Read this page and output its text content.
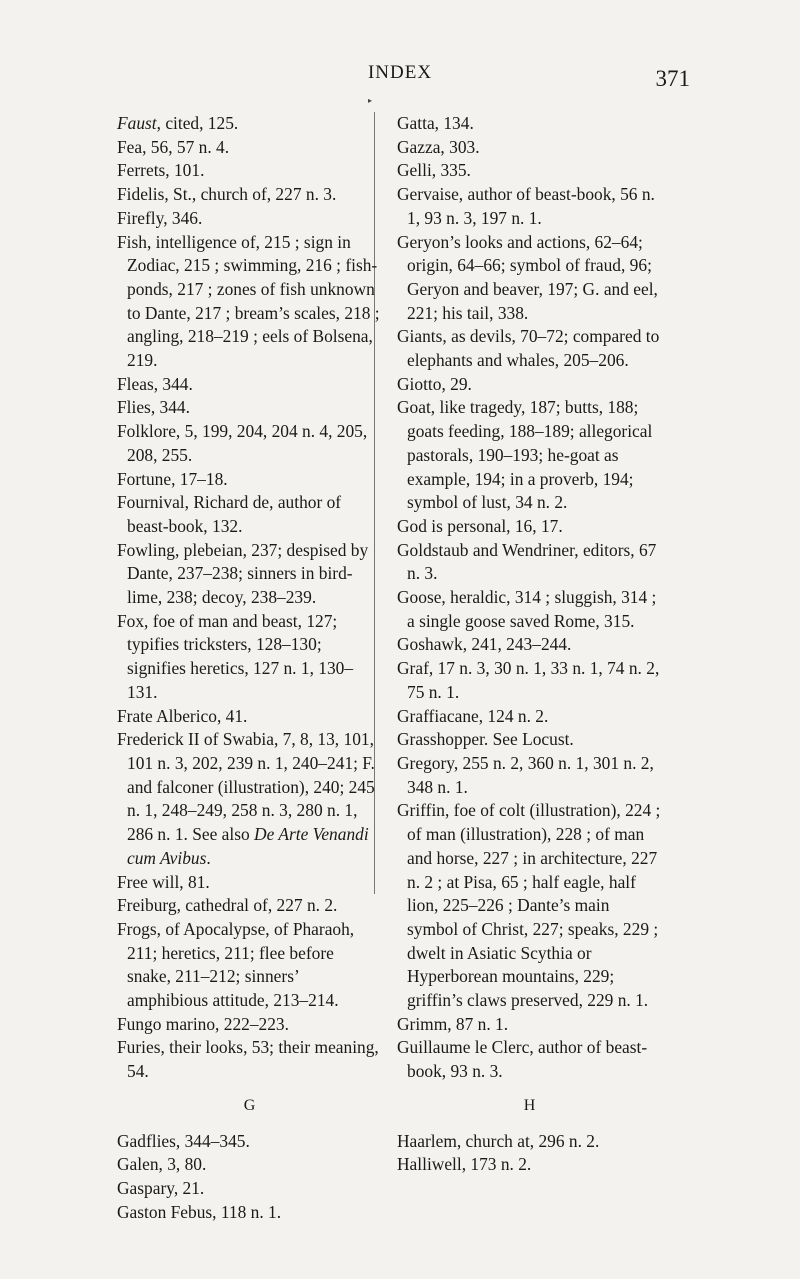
INDEX	371
▸

Faust, cited, 125.

Fea, 56, 57 n. 4.

Ferrets, 101.

Fidelis, St., church of, 227 n. 3.

Firefly, 346.

Fish, intelligence of, 215 ; sign in Zodiac, 215 ; swimming, 216 ; fish-ponds, 217 ; zones of fish unknown to Dante, 217 ; bream’s scales, 218 ; angling, 218–219 ; eels of Bolsena, 219.

Fleas, 344.

Flies, 344.

Folklore, 5, 199, 204, 204 n. 4, 205, 208, 255.

Fortune, 17–18.

Fournival, Richard de, author of beast-book, 132.

Fowling, plebeian, 237; despised by Dante, 237–238; sinners in bird-lime, 238; decoy, 238–239.

Fox, foe of man and beast, 127; typifies tricksters, 128–130; signifies heretics, 127 n. 1, 130–131.

Frate Alberico, 41.

Frederick II of Swabia, 7, 8, 13, 101, 101 n. 3, 202, 239 n. 1, 240–241; F. and falconer (illustration), 240; 245 n. 1, 248–249, 258 n. 3, 280 n. 1, 286 n. 1. See also De Arte Venandi cum Avibus.

Free will, 81.

Freiburg, cathedral of, 227 n. 2.

Frogs, of Apocalypse, of Pharaoh, 211; heretics, 211; flee before snake, 211–212; sinners’ amphibious attitude, 213–214.

Fungo marino, 222–223.

Furies, their looks, 53; their meaning, 54.

G

Gadflies, 344–345.

Galen, 3, 80.

Gaspary, 21.

Gaston Febus, 118 n. 1.

Gatta, 134.

Gazza, 303.

Gelli, 335.

Gervaise, author of beast-book, 56 n. 1, 93 n. 3, 197 n. 1.

Geryon’s looks and actions, 62–64; origin, 64–66; symbol of fraud, 96; Geryon and beaver, 197; G. and eel, 221; his tail, 338.

Giants, as devils, 70–72; compared to elephants and whales, 205–206.

Giotto, 29.

Goat, like tragedy, 187; butts, 188; goats feeding, 188–189; allegorical pastorals, 190–193; he-goat as example, 194; in a proverb, 194; symbol of lust, 34 n. 2.

God is personal, 16, 17.

Goldstaub and Wendriner, editors, 67 n. 3.

Goose, heraldic, 314 ; sluggish, 314 ; a single goose saved Rome, 315.

Goshawk, 241, 243–244.

Graf, 17 n. 3, 30 n. 1, 33 n. 1, 74 n. 2, 75 n. 1.

Graffiacane, 124 n. 2.

Grasshopper. See Locust.

Gregory, 255 n. 2, 360 n. 1, 301 n. 2, 348 n. 1.

Griffin, foe of colt (illustration), 224 ; of man (illustration), 228 ; of man and horse, 227 ; in architecture, 227 n. 2 ; at Pisa, 65 ; half eagle, half lion, 225–226 ; Dante’s main symbol of Christ, 227; speaks, 229 ; dwelt in Asiatic Scythia or Hyperborean mountains, 229; griffin’s claws preserved, 229 n. 1.

Grimm, 87 n. 1.

Guillaume le Clerc, author of beast-book, 93 n. 3.

H

Haarlem, church at, 296 n. 2.

Halliwell, 173 n. 2.
